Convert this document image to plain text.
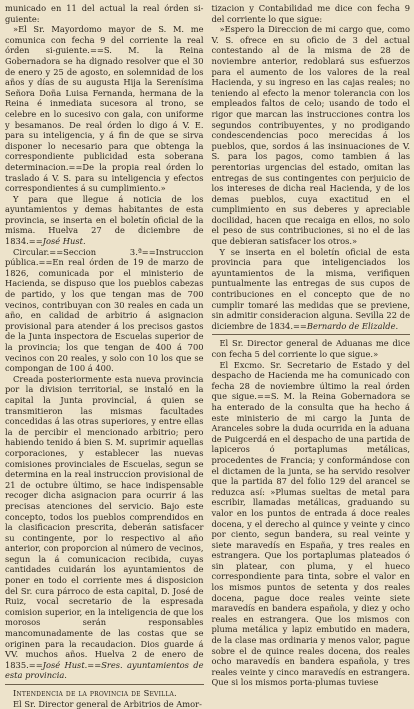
municado en 11 del actual la real órden si-guiente:

»El Sr. Mayordomo mayor de S. M. me comunica con fecha 9 del corriente la real órden si-guiente.==S. M. la Reina Gobernadora se ha dignado resolver que el 30 de enero y 25 de agosto, en solemnidad de los años y días de su augusta Hija la Serenísima Señora Doña Luisa Fernanda, hermana de la Reina é inmediata sucesora al trono, se celebre en lo sucesivo con gala, con uniforme y besamanos. De real órden lo digo á V. E. para su inteligencia, y á fin de que se sirva disponer lo necesario para que obtenga la correspondiente publicidad esta soberana determinacion.==De la propia real órden lo traslado á V. S. para su inteligencia y efectos correspondientes á su cumplimiento.»

Y para que llegue á noticia de los ayuntamientos y demas habitantes de esta provincia, se inserta en el boletín oficial de la misma. Huelva 27 de diciembre de 1834.==José Hust.

Circular.==Seccion 3.ª==Instruccion pública.==En real órden de 19 de marzo de 1826, comunicada por el ministerio de Hacienda, se dispuso que los pueblos cabezas de partido, y los que tengan mas de 700 vecinos, contribuyan con 30 reales en cada un año, en calidad de arbitrio á asignacion provisional para atender á los precisos gastos de la Junta inspectora de Escuelas superior de la provincia; los que tengan de 400 á 700 vecinos con 20 reales, y solo con 10 los que se compongan de 100 á 400.

Creada posteriormente esta nueva provincia por la division territorial, se instaló en la capital la Junta provincial, á quien se transmitieron las mismas facultades concedidas á las otras superiores, y entre ellas la de percibir el mencionado arbitrio; pero habiendo tenido á bien S. M. suprimir aquellas corporaciones, y establecer las nuevas comisiones provinciales de Escuelas, segun se determina en la real instruccion provisional de 21 de octubre último, se hace indispensable recoger dicha asignacion para ocurrir á las precisas atenciones del servicio. Bajo este concepto, todos los pueblos comprendidos en la clasificacion prescrita, deberán satisfacer su contingente, por lo respectivo al año anterior, con proporcion al número de vecinos, segun la á comunicacion recibida, cuyas cantidades cuidarán los ayuntamientos de poner en todo el corriente mes á disposicion del Sr. cura párroco de esta capital, D. José de Ruiz, vocal secretario de la espresada comision superior, en la inteligencia de que los morosos serán responsables mancomunadamente de las costas que se originen para la recaudacion. Dios guarde á VV. muchos años. Huelva 2 de enero de 1835.==José Hust.==Sres. ayuntamientos de esta provincia.

Intendencia de la provincia de Sevilla.

El Sr. Director general de Arbitrios de Amor-

tizacion y Contabilidad me dice con fecha 9 del corriente lo que sigue:

»Espero la Direccion de mi cargo que, como V. S. ofrece en su oficio de 3 del actual contestando al de la misma de 28 de noviembre anterior, redoblará sus esfuerzos para el aumento de los valores de la real Hacienda, y su ingreso en las cajas reales; no teniendo al efecto la menor tolerancia con los empleados faltos de celo; usando de todo el rigor que marcan las instrucciones contra los segundos contribuyentes, y no prodigando condescendencias poco merecidas á los pueblos, que, sordos á las insinuaciones de V. S. para los pagos, como tambien á las perentorias urgencias del estado, omitan las entregas de sus contingentes con perjuicio de los intereses de dicha real Hacienda, y de los demas pueblos, cuya exactitud en el cumplimiento en sus deberes y apreciable docilidad, hacen que recaiga en ellos, no solo el peso de sus contribuciones, si no el de las que debieran satisfacer los otros.»

Y se inserta en el boletín oficial de esta provincia para que inteligenciados los ayuntamientos de la misma, verifiquen puntualmente las entregas de sus cupos de contribuciones en el concepto que de no cumplir tomaré las medidas que se previene, sin admitir consideracion alguna. Sevilla 22 de diciembre de 1834.==Bernardo de Elizalde.

El Sr. Director general de Aduanas me dice con fecha 5 del corriente lo que sigue.»

El Excmo. Sr. Secretario de Estado y del despacho de Hacienda me ha comunicado con fecha 28 de noviembre último la real órden que sigue.==S. M. la Reina Gobernadora se ha enterado de la consulta que ha hecho á este ministerio de mi cargo la Junta de Aranceles sobre la duda ocurrida en la aduana de Puigcerdá en el despacho de una partida de lapiceros ó portaplumas metálicas, procedentes de Francia; y conformándose con el dictamen de la junta, se ha servido resolver que la partida 87 del folio 129 del arancel se reduzca así: »Plumas sueltas de metal para escribir, llamadas metálicas, graduando su valor en los puntos de entrada á doce reales docena, y el derecho al quince y veinte y cinco por ciento, segun bandera, su real veinte y siete maravedís en España, y tres reales en estrangera. Que los portaplumas plateados ó sin platear, con pluma, y el hueco correspondiente para tinta, sobre el valor en los mismos puntos de setenta y dos reales docena, pague doce reales veinte siete maravedís en bandera española, y diez y ocho reales en estrangera. Que los mismos con pluma metálica y lapiz embutido en madera, de la clase mas ordinaria y menos valor, pague sobre el de quince reales docena, dos reales ocho maravedís en bandera española, y tres reales veinte y cinco maravedís en estrangera. Que si los mismos porta-plumas tuviese
